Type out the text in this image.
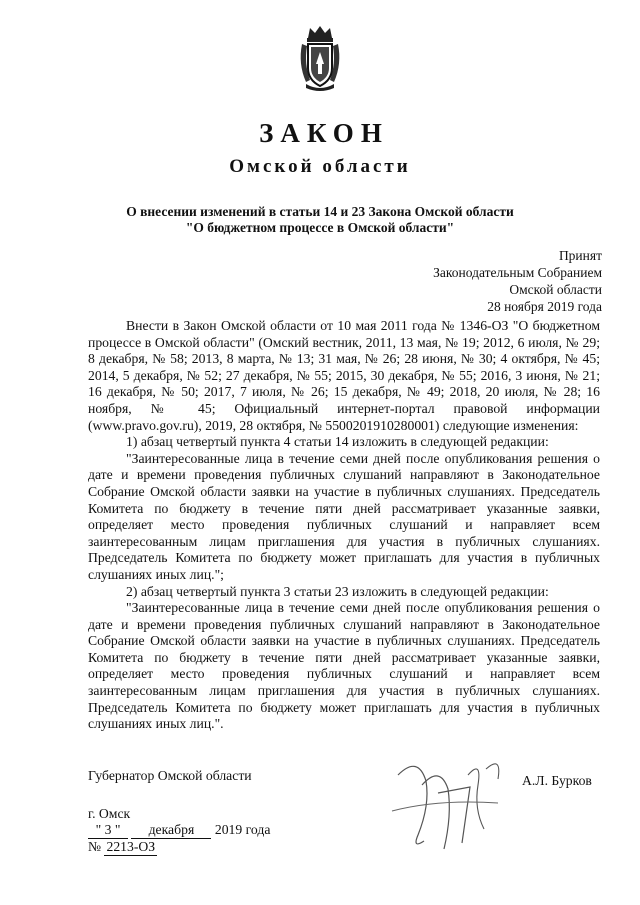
ЗАКОН
Омской области
О внесении изменений в статьи 14 и 23 Закона Омской области
"О бюджетном процессе в Омской области"
Принят
Законодательным Собранием
Омской области
28 ноября 2019 года

Внести в Закон Омской области от 10 мая 2011 года № 1346-ОЗ "О бюджетном процессе в Омской области" (Омский вестник, 2011, 13 мая, № 19; 2012, 6 июля, № 29; 8 декабря, № 58; 2013, 8 марта, № 13; 31 мая, № 26; 28 июня, № 30; 4 октября, № 45; 2014, 5 декабря, № 52; 27 декабря, № 55; 2015, 30 декабря, № 55; 2016, 3 июня, № 21; 16 декабря, № 50; 2017, 7 июля, № 26; 15 декабря, № 49; 2018, 20 июля, № 28; 16 ноября, № 45; Официальный интернет-портал правовой информации (www.pravo.gov.ru), 2019, 28 октября, № 5500201910280001) следующие изменения:

1) абзац четвертый пункта 4 статьи 14 изложить в следующей редакции:

"Заинтересованные лица в течение семи дней после опубликования решения о дате и времени проведения публичных слушаний направляют в Законодательное Собрание Омской области заявки на участие в публичных слушаниях. Председатель Комитета по бюджету в течение пяти дней рассматривает указанные заявки, определяет место проведения публичных слушаний и направляет всем заинтересованным лицам приглашения для участия в публичных слушаниях. Председатель Комитета по бюджету может приглашать для участия в публичных слушаниях иных лиц.";

2) абзац четвертый пункта 3 статьи 23 изложить в следующей редакции:

"Заинтересованные лица в течение семи дней после опубликования решения о дате и времени проведения публичных слушаний направляют в Законодательное Собрание Омской области заявки на участие в публичных слушаниях. Председатель Комитета по бюджету в течение пяти дней рассматривает указанные заявки, определяет место проведения публичных слушаний и направляет всем заинтересованным лицам приглашения для участия в публичных слушаниях. Председатель Комитета по бюджету может приглашать для участия в публичных слушаниях иных лиц.".

Губернатор Омской области	А.Л. Бурков
г. Омск
" 3 " декабря 2019 года
№ 2213-ОЗ
